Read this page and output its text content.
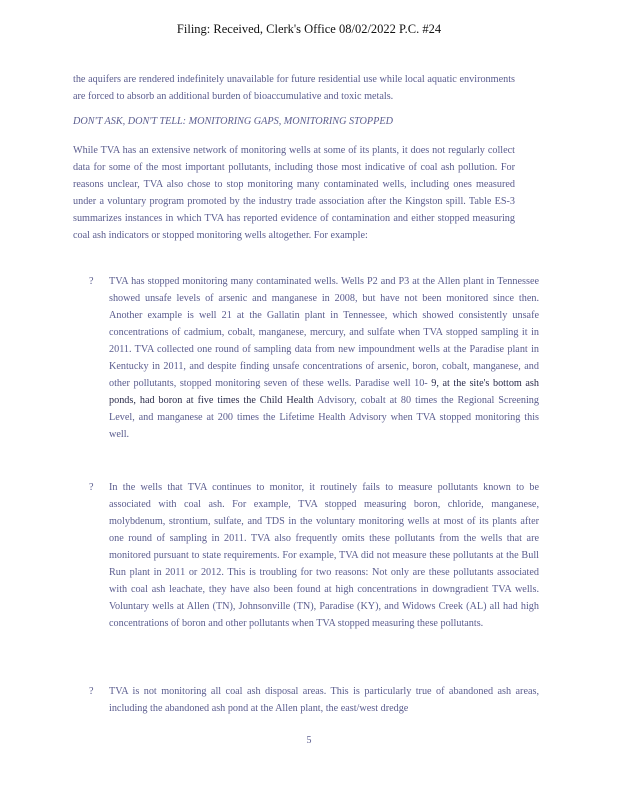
Filing: Received, Clerk's Office 08/02/2022 P.C. #24
the aquifers are rendered indefinitely unavailable for future residential use while local aquatic environments are forced to absorb an additional burden of bioaccumulative and toxic metals.
DON'T ASK, DON'T TELL: MONITORING GAPS, MONITORING STOPPED
While TVA has an extensive network of monitoring wells at some of its plants, it does not regularly collect data for some of the most important pollutants, including those most indicative of coal ash pollution. For reasons unclear, TVA also chose to stop monitoring many contaminated wells, including ones measured under a voluntary program promoted by the industry trade association after the Kingston spill. Table ES-3 summarizes instances in which TVA has reported evidence of contamination and either stopped measuring coal ash indicators or stopped monitoring wells altogether. For example:
? TVA has stopped monitoring many contaminated wells. Wells P2 and P3 at the Allen plant in Tennessee showed unsafe levels of arsenic and manganese in 2008, but have not been monitored since then. Another example is well 21 at the Gallatin plant in Tennessee, which showed consistently unsafe concentrations of cadmium, cobalt, manganese, mercury, and sulfate when TVA stopped sampling it in 2011. TVA collected one round of sampling data from new impoundment wells at the Paradise plant in Kentucky in 2011, and despite finding unsafe concentrations of arsenic, boron, cobalt, manganese, and other pollutants, stopped monitoring seven of these wells. Paradise well 10- 9, at the site's bottom ash ponds, had boron at five times the Child Health Advisory, cobalt at 80 times the Regional Screening Level, and manganese at 200 times the Lifetime Health Advisory when TVA stopped monitoring this well.
? In the wells that TVA continues to monitor, it routinely fails to measure pollutants known to be associated with coal ash. For example, TVA stopped measuring boron, chloride, manganese, molybdenum, strontium, sulfate, and TDS in the voluntary monitoring wells at most of its plants after one round of sampling in 2011. TVA also frequently omits these pollutants from the wells that are monitored pursuant to state requirements. For example, TVA did not measure these pollutants at the Bull Run plant in 2011 or 2012. This is troubling for two reasons: Not only are these pollutants associated with coal ash leachate, they have also been found at high concentrations in downgradient TVA wells. Voluntary wells at Allen (TN), Johnsonville (TN), Paradise (KY), and Widows Creek (AL) all had high concentrations of boron and other pollutants when TVA stopped measuring these pollutants.
? TVA is not monitoring all coal ash disposal areas. This is particularly true of abandoned ash areas, including the abandoned ash pond at the Allen plant, the east/west dredge
5
